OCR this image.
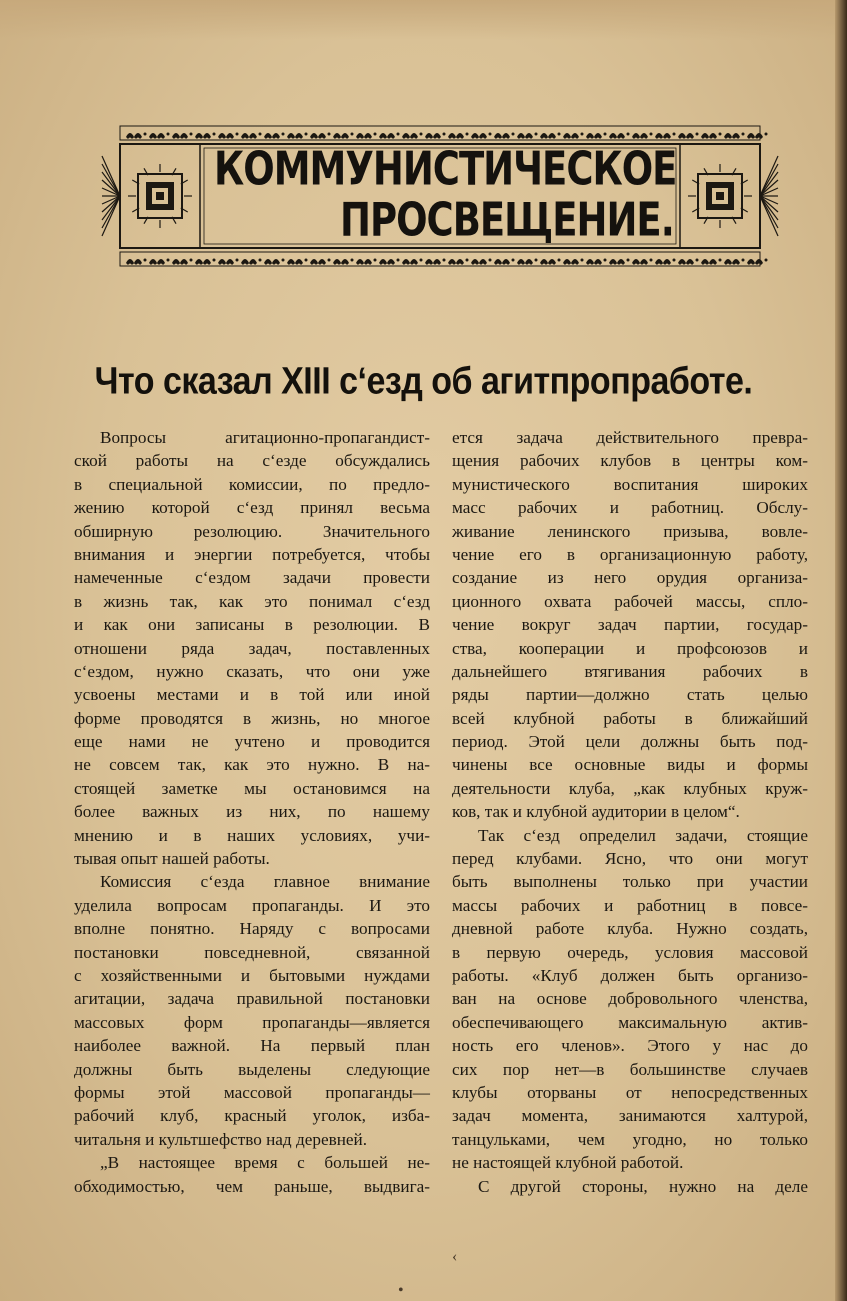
КОММУНИСТИЧЕСКОЕ
ПРОСВЕЩЕНИЕ.
Что сказал XIII с‘езд об агитпропработе.
Вопросы агитационно-пропагандист-
ской работы на с‘езде обсуждались
в специальной комиссии, по предло-
жению которой с‘езд принял весьма
обширную резолюцию. Значительного
внимания и энергии потребуется, чтобы
намеченные с‘ездом задачи провести
в жизнь так, как это понимал с‘езд
и как они записаны в резолюции. В
отношени ряда задач, поставленных
с‘ездом, нужно сказать, что они уже
усвоены местами и в той или иной
форме проводятся в жизнь, но многое
еще нами не учтено и проводится
не совсем так, как это нужно. В на-
стоящей заметке мы остановимся на
более важных из них, по нашему
мнению и в наших условиях, учи-
тывая опыт нашей работы.
Комиссия с‘езда главное внимание
уделила вопросам пропаганды. И это
вполне понятно. Наряду с вопросами
постановки повседневной, связанной
с хозяйственными и бытовыми нуждами
агитации, задача правильной постановки
массовых форм пропаганды—является
наиболее важной. На первый план
должны быть выделены следующие
формы этой массовой пропаганды—
рабочий клуб, красный уголок, изба-
читальня и культшефство над деревней.
„В настоящее время с большей не-
обходимостью, чем раньше, выдвига-
ется задача действительного превра-
щения рабочих клубов в центры ком-
мунистического воспитания широких
масс рабочих и работниц. Обслу-
живание ленинского призыва, вовле-
чение его в организационную работу,
создание из него орудия организа-
ционного охвата рабочей массы, спло-
чение вокруг задач партии, государ-
ства, кооперации и профсоюзов и
дальнейшего втягивания рабочих в
ряды партии—должно стать целью
всей клубной работы в ближайший
период. Этой цели должны быть под-
чинены все основные виды и формы
деятельности клуба, „как клубных круж-
ков, так и клубной аудитории в целом“.
Так с‘езд определил задачи, стоящие
перед клубами. Ясно, что они могут
быть выполнены только при участии
массы рабочих и работниц в повсе-
дневной работе клуба. Нужно создать,
в первую очередь, условия массовой
работы. «Клуб должен быть организо-
ван на основе добровольного членства,
обеспечивающего максимальную актив-
ность его членов». Этого у нас до
сих пор нет—в большинстве случаев
клубы оторваны от непосредственных
задач момента, занимаются халтурой,
танцульками, чем угодно, но только
не настоящей клубной работой.
С другой стороны, нужно на деле
‹
•
